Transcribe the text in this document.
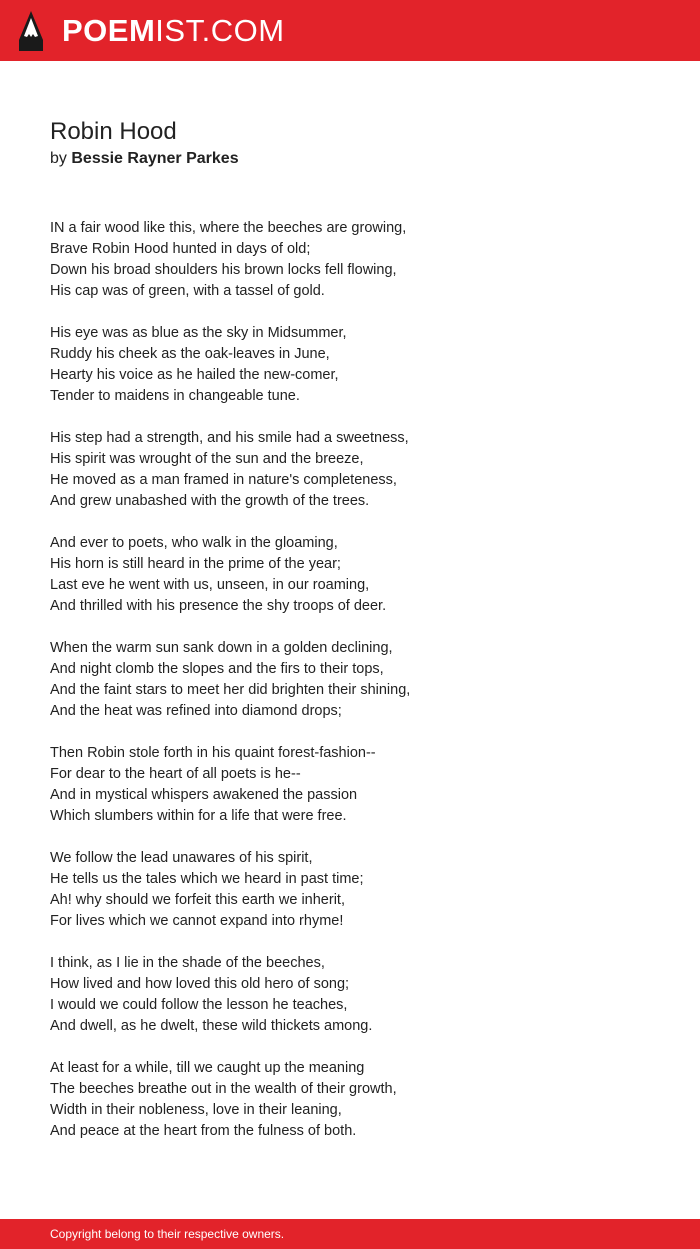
POEMIST.COM
Robin Hood
by Bessie Rayner Parkes
IN a fair wood like this, where the beeches are growing,
Brave Robin Hood hunted in days of old;
Down his broad shoulders his brown locks fell flowing,
His cap was of green, with a tassel of gold.
His eye was as blue as the sky in Midsummer,
Ruddy his cheek as the oak-leaves in June,
Hearty his voice as he hailed the new-comer,
Tender to maidens in changeable tune.
His step had a strength, and his smile had a sweetness,
His spirit was wrought of the sun and the breeze,
He moved as a man framed in nature's completeness,
And grew unabashed with the growth of the trees.
And ever to poets, who walk in the gloaming,
His horn is still heard in the prime of the year;
Last eve he went with us, unseen, in our roaming,
And thrilled with his presence the shy troops of deer.
When the warm sun sank down in a golden declining,
And night clomb the slopes and the firs to their tops,
And the faint stars to meet her did brighten their shining,
And the heat was refined into diamond drops;
Then Robin stole forth in his quaint forest-fashion--
For dear to the heart of all poets is he--
And in mystical whispers awakened the passion
Which slumbers within for a life that were free.
We follow the lead unawares of his spirit,
He tells us the tales which we heard in past time;
Ah! why should we forfeit this earth we inherit,
For lives which we cannot expand into rhyme!
I think, as I lie in the shade of the beeches,
How lived and how loved this old hero of song;
I would we could follow the lesson he teaches,
And dwell, as he dwelt, these wild thickets among.
At least for a while, till we caught up the meaning
The beeches breathe out in the wealth of their growth,
Width in their nobleness, love in their leaning,
And peace at the heart from the fulness of both.
Copyright belong to their respective owners.
